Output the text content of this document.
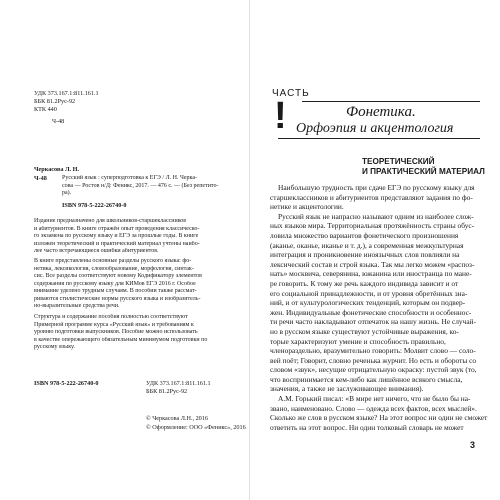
УДК 373.167.1:811.161.1
ББК 81.2Рус-92
КТК 440
Ч-48
Черкасова Л. Н.
Ч-48	Русский язык : суперподготовка к ЕГЭ / Л. Н. Черка-
сова — Ростов н/Д: Феникс, 2017. — 476 с. — (Без репетито-
ра).
ISBN 978-5-222-26740-0
Издание предназначено для школьников-старшеклассников
и абитуриентов. В книге отражён опыт проведения классическо-
го экзамена по русскому языку и ЕГЭ за прошлые годы. В книге
изложен теоретический и практический материал учтены наибо-
лее часто встречающиеся ошибки абитуриентов.
В книге представлены основные разделы русского языка: фо-
нетика, лексикология, словообразование, морфология, синтак-
сис. Все разделы соответствуют новому Кодификатору элементов
содержания по русскому языку для КИМов ЕГЭ 2016 г. Особое
внимание уделено трудным случаям. В пособии также рассмат-
риваются стилистические нормы русского языка и изобразитель-
но-выразительные средства речи.
Структура и содержание пособия полностью соответствуют
Примерной программе курса «Русский язык» и требованиям к
уровню подготовки выпускников. Пособие можно использовать
в качестве опережающего обязательным минимумом подготовки по
русскому языку.
ISBN 978-5-222-26740-0	УДК 373.167.1:811.161.1
ББК 81.2Рус-92
© Черкасова Л.Н., 2016
© Оформление: ООО «Феникс», 2016
ЧАСТЬ
!	Фонетика.
Орфоэпия и акцентология
ТЕОРЕТИЧЕСКИЙ
И ПРАКТИЧЕСКИЙ МАТЕРИАЛ
Наибольшую трудность при сдаче ЕГЭ по русскому языку для
старшеклассников и абитуриентов представляют задания по фо-
нетике и акцентологии.
Русский язык не напрасно называют одним из наиболее слож-
ных языков мира. Территориальная протяжённость страны обус-
ловила множество вариантов фонетического произношения
(аканье, оканье, иканье и т. д.), а современная межкультурная
интеграция и проникновение иноязычных слов повлияли на
лексический состав и строй языка. Так мы легко можем «распоз-
нать» москвича, северянина, южанина или иностранца по мане-
ре говорить. К тому же речь каждого индивида зависит и от
его социальной принадлежности, и от уровня обретённых зна-
ний, и от культурологических тенденций, которым он подвер-
жен. Индивидуальные фонетические способности и особеннос-
ти речи часто накладывают отпечаток на нашу жизнь. Не случай-
но в русском языке существуют устойчивые выражения, ко-
торые характеризуют умение и способность правильно,
членораздельно, вразумительно говорить: Молвит слово — соло-
вей поёт; Говорит, словно реченька журчит. Но есть и обороты со
словом «звук», несущие отрицательную окраску: пустой звук (то,
что воспринимается кем-либо как лишённое всякого смысла,
значения, а также не заслуживающее внимания).
А.М. Горький писал: «В мире нет ничего, что не было бы на-
звано, наименовано. Слово — одежда всех фактов, всех мыслей».
Сколько же слов в русском языке? На этот вопрос ни один не сможет
ответить на этот вопрос. Ни один толковый словарь не может
3
